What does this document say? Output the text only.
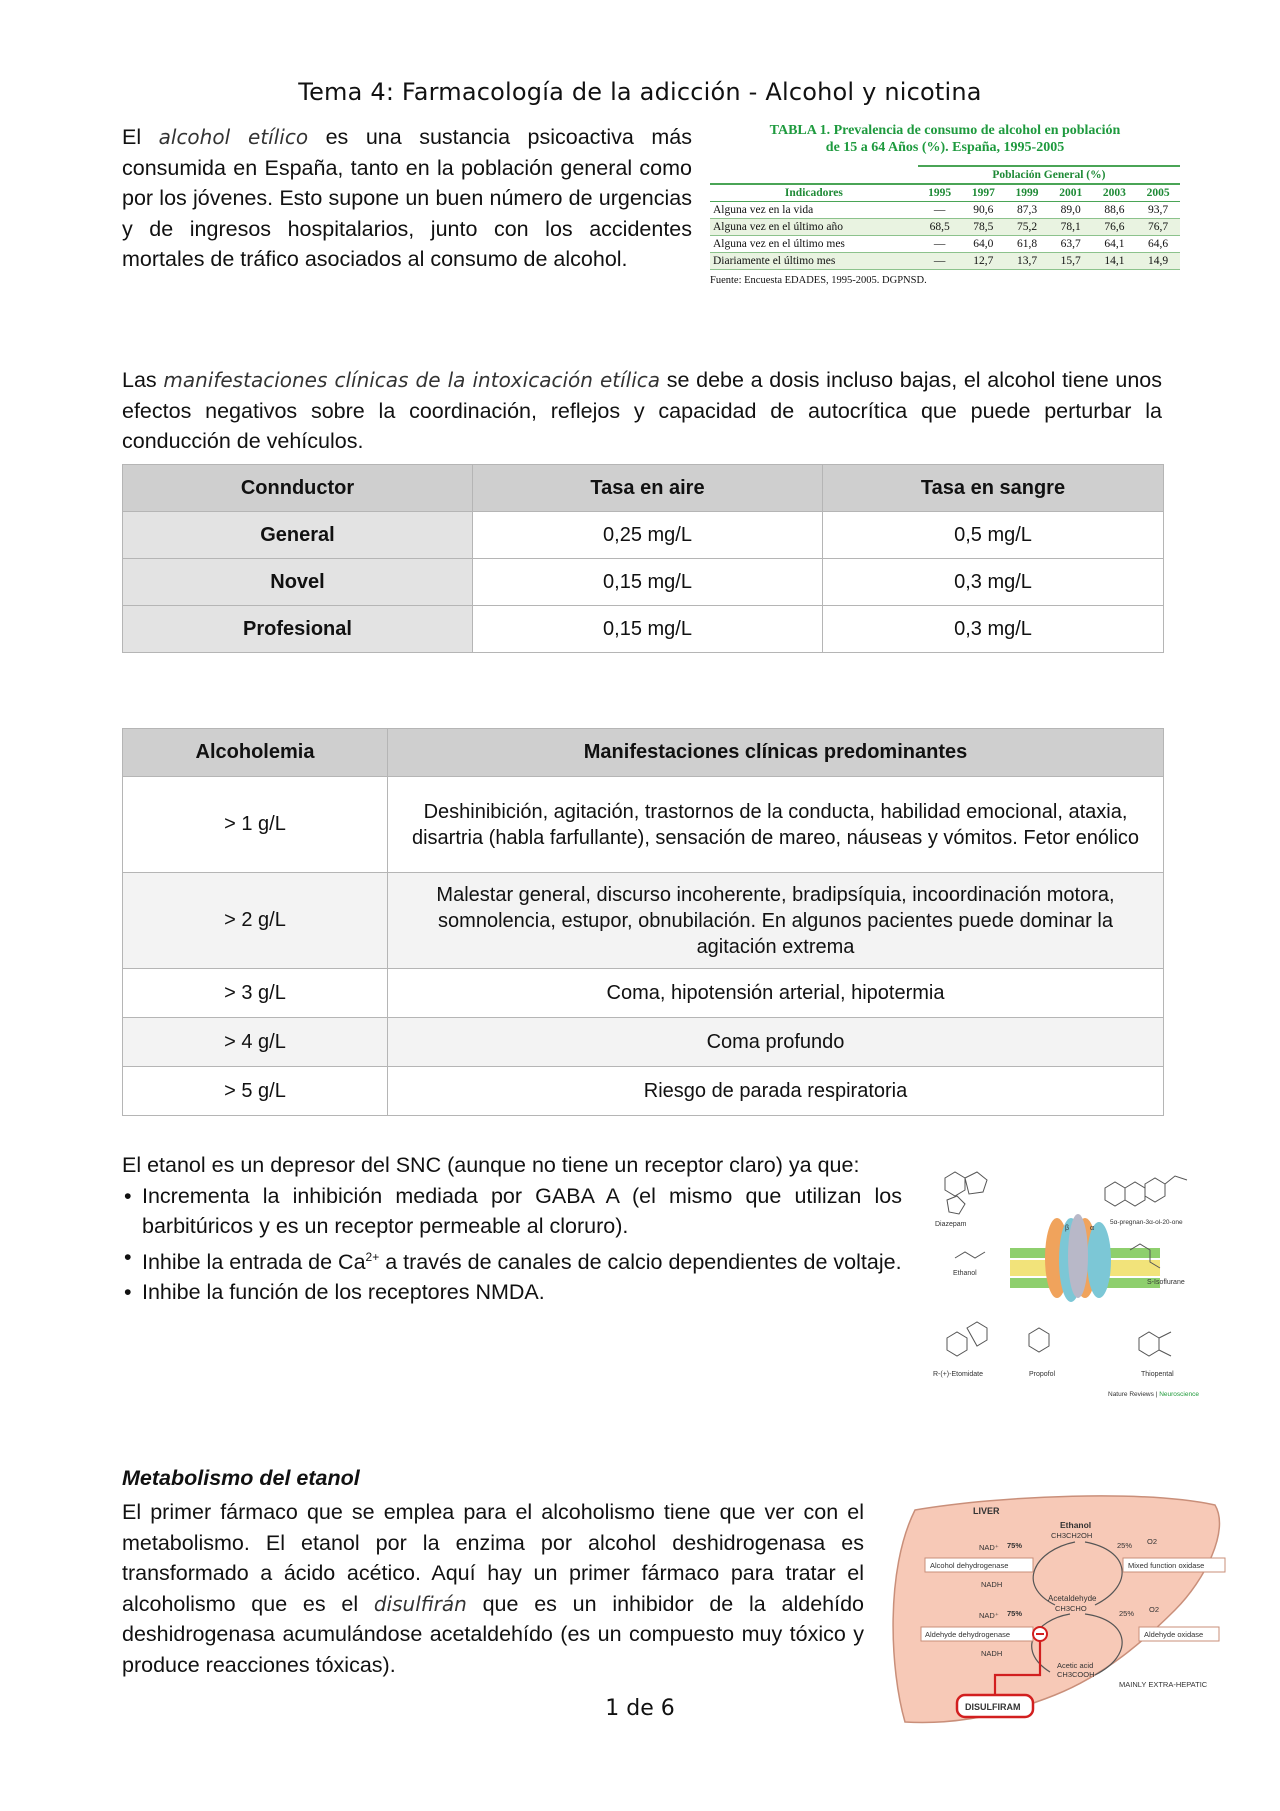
Tema 4: Farmacología de la adicción - Alcohol y nicotina
El alcohol etílico es una sustancia psicoactiva más consumida en España, tanto en la población general como por los jóvenes. Esto supone un buen número de urgencias y de ingresos hospitalarios, junto con los accidentes mortales de tráfico asociados al consumo de alcohol.
TABLA 1. Prevalencia de consumo de alcohol en población
de 15 a 64 Años (%). España, 1995-2005
	Población General (%)					
Indicadores	1995	1997	1999	2001	2003	2005
Alguna vez en la vida	—	90,6	87,3	89,0	88,6	93,7
Alguna vez en el último año	68,5	78,5	75,2	78,1	76,6	76,7
Alguna vez en el último mes	—	64,0	61,8	63,7	64,1	64,6
Diariamente el último mes	—	12,7	13,7	15,7	14,1	14,9
Fuente: Encuesta EDADES, 1995-2005. DGPNSD.
Las manifestaciones clínicas de la intoxicación etílica se debe a dosis incluso bajas, el alcohol tiene unos efectos negativos sobre la coordinación, reflejos y capacidad de autocrítica que puede perturbar la conducción de vehículos.
Connductor	Tasa en aire	Tasa en sangre
General	0,25 mg/L	0,5 mg/L
Novel	0,15 mg/L	0,3 mg/L
Profesional	0,15 mg/L	0,3 mg/L
Alcoholemia	Manifestaciones clínicas predominantes
> 1 g/L	Deshinibición, agitación, trastornos de la conducta, habilidad emocional, ataxia, disartria (habla farfullante), sensación de mareo, náuseas y vómitos. Fetor enólico
> 2 g/L	Malestar general, discurso incoherente, bradipsíquia, incoordinación motora, somnolencia, estupor, obnubilación. En algunos pacientes puede dominar la agitación extrema
> 3 g/L	Coma, hipotensión arterial, hipotermia
> 4 g/L	Coma profundo
> 5 g/L	Riesgo de parada respiratoria
El etanol es un depresor del SNC (aunque no tiene un receptor claro) ya que:
• Incrementa la inhibición mediada por GABA A (el mismo que utilizan los barbitúricos y es un receptor permeable al cloruro).
• Inhibe la entrada de $Ca^{2+}$ a través de canales de calcio dependientes de voltaje.
• Inhibe la función de los receptores NMDA.
β	α
Diazepam	5α-pregnan-3α-ol-20-one
Ethanol
S-Isoflurane
R-(+)-Etomidate	Propofol	Thiopental
Nature Reviews | Neuroscience
Metabolismo del etanol
El primer fármaco que se emplea para el alcoholismo tiene que ver con el metabolismo. El etanol por la enzima por alcohol deshidrogenasa es transformado a ácido acético. Aquí hay un primer fármaco para tratar el alcoholismo que es el disulfirán que es un inhibidor de la aldehído deshidrogenasa acumulándose acetaldehído (es un compuesto muy tóxico y produce reacciones tóxicas).
LIVER
Ethanol
CH3CH2OH
NAD⁺ 75%	25% O2
Alcohol dehydrogenase	Mixed function oxidase
NADH
Acetaldehyde
CH3CHO
NAD⁺ 75%	25% O2
Aldehyde dehydrogenase	Aldehyde oxidase
NADH
Acetic acid
CH3COOH
MAINLY EXTRA-HEPATIC
DISULFIRAM
1 de 6
